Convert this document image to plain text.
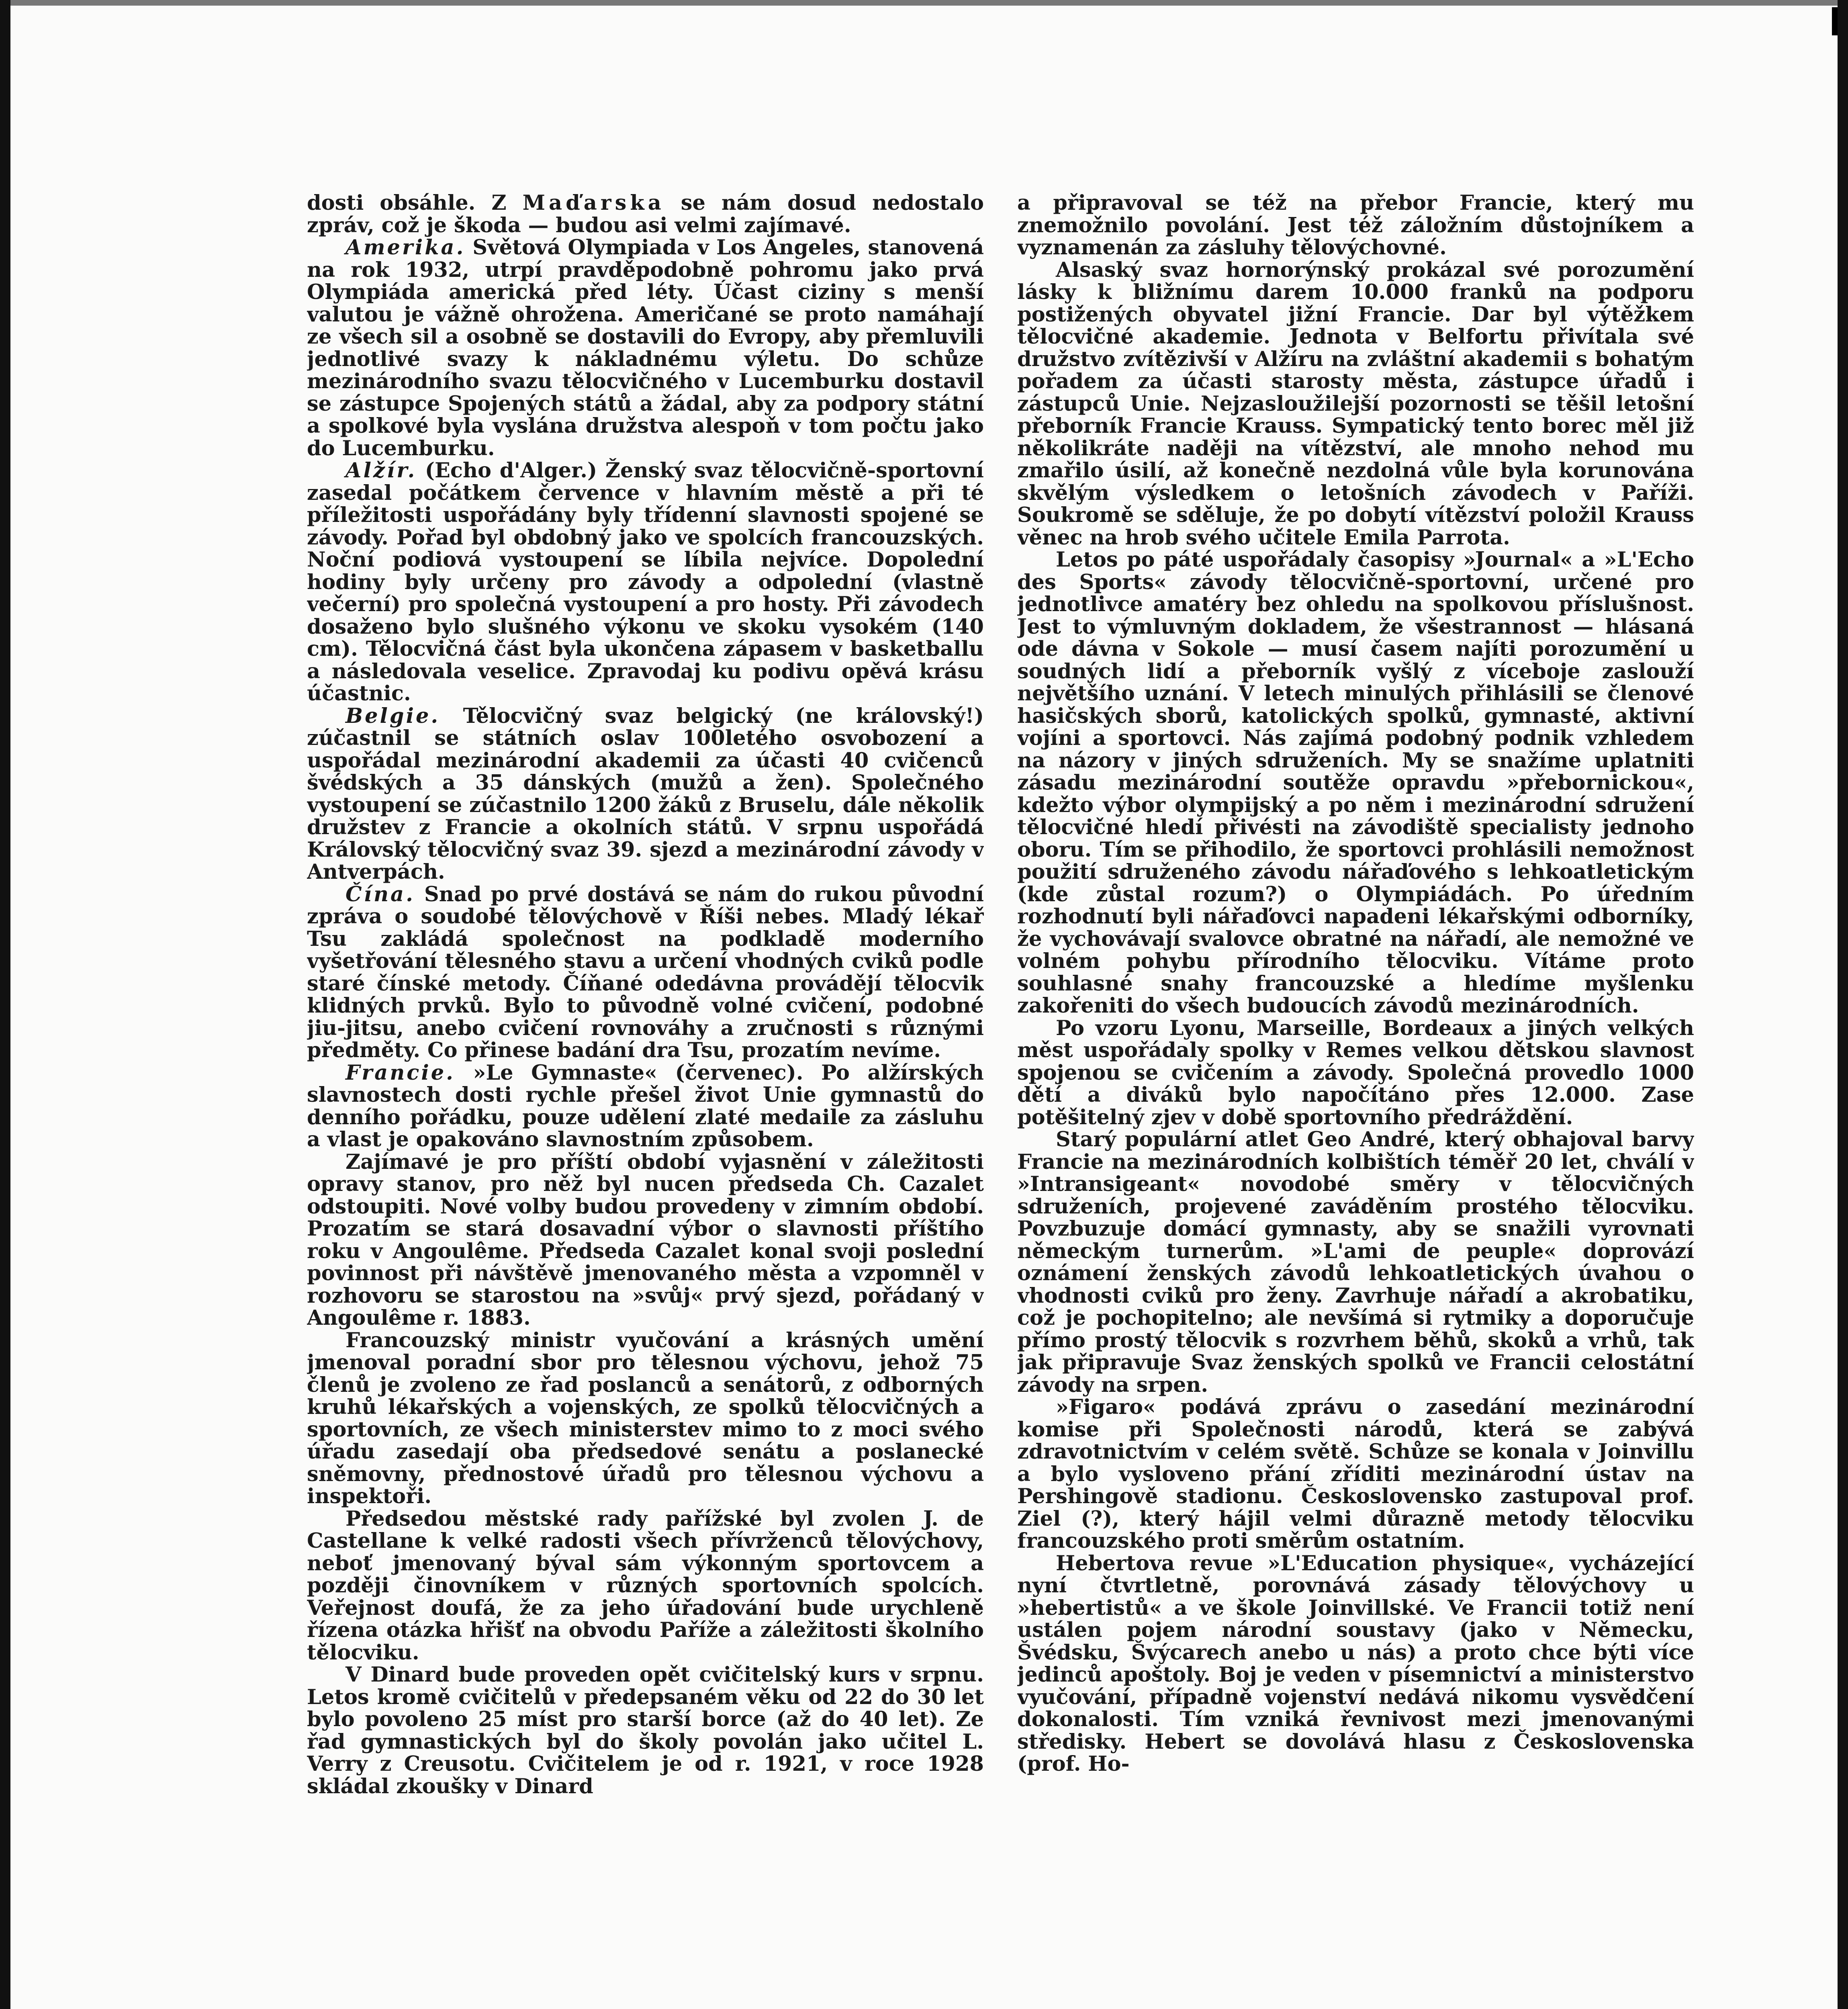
dosti obsáhle. Z Maďarska se nám dosud nedostalo zpráv, což je škoda — budou asi velmi zajímavé.

Amerika. Světová Olympiada v Los Angeles, stanovená na rok 1932, utrpí pravděpodobně pohromu jako prvá Olympiáda americká před léty. Účast ciziny s menší valutou je vážně ohrožena. Američané se proto namáhají ze všech sil a osobně se dostavili do Evropy, aby přemluvili jednotlivé svazy k nákladnému výletu. Do schůze mezinárodního svazu tělocvičného v Lucemburku dostavil se zástupce Spojených států a žádal, aby za podpory státní a spolkové byla vyslána družstva alespoň v tom počtu jako do Lucemburku.

Alžír. (Echo d'Alger.) Ženský svaz tělocvičně-sportovní zasedal počátkem července v hlavním městě a při té příležitosti uspořádány byly třídenní slavnosti spojené se závody. Pořad byl obdobný jako ve spolcích francouzských. Noční podiová vystoupení se líbila nejvíce. Dopolední hodiny byly určeny pro závody a odpolední (vlastně večerní) pro společná vystoupení a pro hosty. Při závodech dosaženo bylo slušného výkonu ve skoku vysokém (140 cm). Tělocvičná část byla ukončena zápasem v basketballu a následovala veselice. Zpravodaj ku podivu opěvá krásu účastnic.

Belgie. Tělocvičný svaz belgický (ne královský!) zúčastnil se státních oslav 100letého osvobození a uspořádal mezinárodní akademii za účasti 40 cvičenců švédských a 35 dánských (mužů a žen). Společného vystoupení se zúčastnilo 1200 žáků z Bruselu, dále několik družstev z Francie a okolních států. V srpnu uspořádá Královský tělocvičný svaz 39. sjezd a mezinárodní závody v Antverpách.

Čína. Snad po prvé dostává se nám do rukou původní zpráva o soudobé tělovýchově v Říši nebes. Mladý lékař Tsu zakládá společnost na podkladě moderního vyšetřování tělesného stavu a určení vhodných cviků podle staré čínské metody. Číňané odedávna provádějí tělocvik klidných prvků. Bylo to původně volné cvičení, podobné jiu-jitsu, anebo cvičení rovnováhy a zručnosti s různými předměty. Co přinese badání dra Tsu, prozatím nevíme.

Francie. »Le Gymnaste« (červenec). Po alžírských slavnostech dosti rychle přešel život Unie gymnastů do denního pořádku, pouze udělení zlaté medaile za zásluhu a vlast je opakováno slavnostním způsobem.

Zajímavé je pro příští období vyjasnění v záležitosti opravy stanov, pro něž byl nucen předseda Ch. Cazalet odstoupiti. Nové volby budou provedeny v zimním období. Prozatím se stará dosavadní výbor o slavnosti příštího roku v Angoulême. Předseda Cazalet konal svoji poslední povinnost při návštěvě jmenovaného města a vzpomněl v rozhovoru se starostou na »svůj« prvý sjezd, pořádaný v Angoulême r. 1883.

Francouzský ministr vyučování a krásných umění jmenoval poradní sbor pro tělesnou výchovu, jehož 75 členů je zvoleno ze řad poslanců a senátorů, z odborných kruhů lékařských a vojenských, ze spolků tělocvičných a sportovních, ze všech ministerstev mimo to z moci svého úřadu zasedají oba předsedové senátu a poslanecké sněmovny, přednostové úřadů pro tělesnou výchovu a inspektoři.

Předsedou městské rady pařížské byl zvolen J. de Castellane k velké radosti všech přívrženců tělovýchovy, neboť jmenovaný býval sám výkonným sportovcem a později činovníkem v různých sportovních spolcích. Veřejnost doufá, že za jeho úřadování bude urychleně řízena otázka hřišť na obvodu Paříže a záležitosti školního tělocviku.

V Dinard bude proveden opět cvičitelský kurs v srpnu. Letos kromě cvičitelů v předepsaném věku od 22 do 30 let bylo povoleno 25 míst pro starší borce (až do 40 let). Ze řad gymnastických byl do školy povolán jako učitel L. Verry z Creusotu. Cvičitelem je od r. 1921, v roce 1928 skládal zkoušky v Dinard

a připravoval se též na přebor Francie, který mu znemožnilo povolání. Jest též záložním důstojníkem a vyznamenán za zásluhy tělovýchovné.

Alsaský svaz hornorýnský prokázal své porozumění lásky k bližnímu darem 10.000 franků na podporu postižených obyvatel jižní Francie. Dar byl výtěžkem tělocvičné akademie. Jednota v Belfortu přivítala své družstvo zvítězivší v Alžíru na zvláštní akademii s bohatým pořadem za účasti starosty města, zástupce úřadů i zástupců Unie. Nejzasloužilejší pozornosti se těšil letošní přeborník Francie Krauss. Sympatický tento borec měl již několikráte naději na vítězství, ale mnoho nehod mu zmařilo úsilí, až konečně nezdolná vůle byla korunována skvělým výsledkem o letošních závodech v Paříži. Soukromě se sděluje, že po dobytí vítězství položil Krauss věnec na hrob svého učitele Emila Parrota.

Letos po páté uspořádaly časopisy »Journal« a »L'Echo des Sports« závody tělocvičně-sportovní, určené pro jednotlivce amatéry bez ohledu na spolkovou příslušnost. Jest to výmluvným dokladem, že všestrannost — hlásaná ode dávna v Sokole — musí časem najíti porozumění u soudných lidí a přeborník vyšlý z víceboje zaslouží největšího uznání. V letech minulých přihlásili se členové hasičských sborů, katolických spolků, gymnasté, aktivní vojíni a sportovci. Nás zajímá podobný podnik vzhledem na názory v jiných sdruženích. My se snažíme uplatniti zásadu mezinárodní soutěže opravdu »přebornickou«, kdežto výbor olympijský a po něm i mezinárodní sdružení tělocvičné hledí přivésti na závodiště specialisty jednoho oboru. Tím se přihodilo, že sportovci prohlásili nemožnost použití sdruženého závodu nářaďového s lehkoatletickým (kde zůstal rozum?) o Olympiádách. Po úředním rozhodnutí byli nářaďovci napadeni lékařskými odborníky, že vychovávají svalovce obratné na nářadí, ale nemožné ve volném pohybu přírodního tělocviku. Vítáme proto souhlasné snahy francouzské a hledíme myšlenku zakořeniti do všech budoucích závodů mezinárodních.

Po vzoru Lyonu, Marseille, Bordeaux a jiných velkých měst uspořádaly spolky v Remes velkou dětskou slavnost spojenou se cvičením a závody. Společná provedlo 1000 dětí a diváků bylo napočítáno přes 12.000. Zase potěšitelný zjev v době sportovního předráždění.

Starý populární atlet Geo André, který obhajoval barvy Francie na mezinárodních kolbištích téměř 20 let, chválí v »Intransigeant« novodobé směry v tělocvičných sdruženích, projevené zaváděním prostého tělocviku. Povzbuzuje domácí gymnasty, aby se snažili vyrovnati německým turnerům. »L'ami de peuple« doprovází oznámení ženských závodů lehkoatletických úvahou o vhodnosti cviků pro ženy. Zavrhuje nářadí a akrobatiku, což je pochopitelno; ale nevšímá si rytmiky a doporučuje přímo prostý tělocvik s rozvrhem běhů, skoků a vrhů, tak jak připravuje Svaz ženských spolků ve Francii celostátní závody na srpen.

»Figaro« podává zprávu o zasedání mezinárodní komise při Společnosti národů, která se zabývá zdravotnictvím v celém světě. Schůze se konala v Joinvillu a bylo vysloveno přání zříditi mezinárodní ústav na Pershingově stadionu. Československo zastupoval prof. Ziel (?), který hájil velmi důrazně metody tělocviku francouzského proti směrům ostatním.

Hebertova revue »L'Education physique«, vycházející nyní čtvrtletně, porovnává zásady tělovýchovy u »hebertistů« a ve škole Joinvillské. Ve Francii totiž není ustálen pojem národní soustavy (jako v Německu, Švédsku, Švýcarech anebo u nás) a proto chce býti více jedinců apoštoly. Boj je veden v písemnictví a ministerstvo vyučování, případně vojenství nedává nikomu vysvědčení dokonalosti. Tím vzniká řevnivost mezi jmenovanými středisky. Hebert se dovolává hlasu z Československa (prof. Ho-
